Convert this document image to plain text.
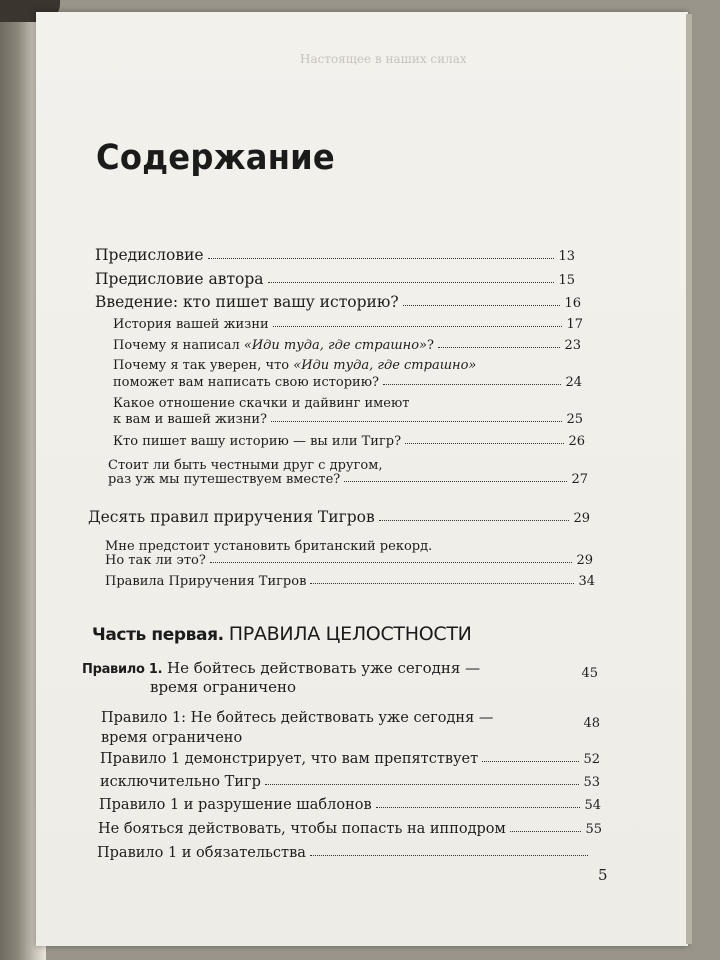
Настоящее в наших силах
Содержание
Предисловие	13
Предисловие автора	15
Введение: кто пишет вашу историю?	16
История вашей жизни	17
Почему я написал «Иди туда, где страшно»?	23
Почему я так уверен, что «Иди туда, где страшно»
поможет вам написать свою историю?	24
Какое отношение скачки и дайвинг имеют
к вам и вашей жизни?	25
Кто пишет вашу историю — вы или Тигр?	26
Стоит ли быть честными друг с другом,
раз уж мы путешествуем вместе?	27
Десять правил приручения Тигров	29
Мне предстоит установить британский рекорд.
Но так ли это?	29
Правила Приручения Тигров	34
Часть первая. ПРАВИЛА ЦЕЛОСТНОСТИ
Правило 1. Не бойтесь действовать уже сегодня —	45
время ограничено
Правило 1: Не бойтесь действовать уже сегодня —	48
время ограничено
Правило 1 демонстрирует, что вам препятствует	52
исключительно Тигр	53
Правило 1 и разрушение шаблонов	54
Не бояться действовать, чтобы попасть на ипподром	55
Правило 1 и обязательства
5
